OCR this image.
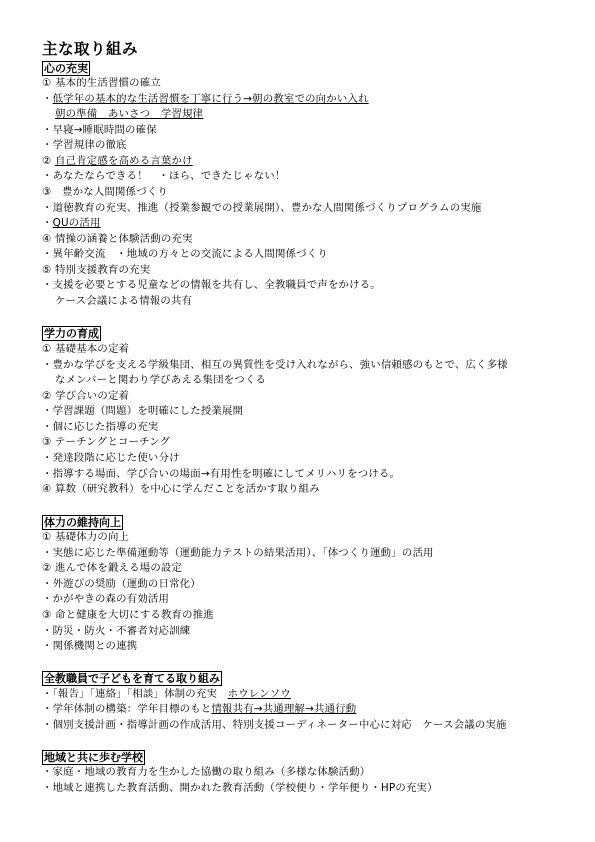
主な取り組み
心の充実
① 基本的生活習慣の確立
・低学年の基本的な生活習慣を丁寧に行う→朝の教室での向かい入れ
朝の準備　あいさつ　学習規律
・早寝→睡眠時間の確保
・学習規律の徹底
② 自己肯定感を高める言葉かけ
・あなたならできる！　・ほら、できたじゃない！
③　豊かな人間関係づくり
・道徳教育の充実、推進（授業参観での授業展開）、豊かな人間関係づくりプログラムの実施
・QUの活用
④ 情操の涵養と体験活動の充実
・異年齢交流　・地域の方々との交流による人間関係づくり
⑤ 特別支援教育の充実
・支援を必要とする児童などの情報を共有し、全教職員で声をかける。
ケース会議による情報の共有
学力の育成
① 基礎基本の定着
・豊かな学びを支える学級集団、相互の異質性を受け入れながら、強い信頼感のもとで、広く多様
なメンバーと関わり学びあえる集団をつくる
② 学び合いの定着
・学習課題（問題）を明確にした授業展開
・個に応じた指導の充実
③ テーチングとコーチング
・発達段階に応じた使い分け
・指導する場面、学び合いの場面→有用性を明確にしてメリハリをつける。
④ 算数（研究教科）を中心に学んだことを活かす取り組み
体力の維持向上
① 基礎体力の向上
・実態に応じた準備運動等（運動能力テストの結果活用）、「体つくり運動」の活用
② 進んで体を鍛える場の設定
・外遊びの奨励（運動の日常化）
・かがやきの森の有効活用
③ 命と健康を大切にする教育の推進
・防災・防火・不審者対応訓練
・関係機関との連携
全教職員で子どもを育てる取り組み
・「報告」「連絡」「相談」体制の充実　ホウレンソウ
・学年体制の構築：学年目標のもと情報共有→共通理解→共通行動
・個別支援計画・指導計画の作成活用、特別支援コーディネーター中心に対応　ケース会議の実施
地域と共に歩む学校
・家庭・地域の教育力を生かした協働の取り組み（多様な体験活動）
・地域と連携した教育活動、開かれた教育活動（学校便り・学年便り・HPの充実）
